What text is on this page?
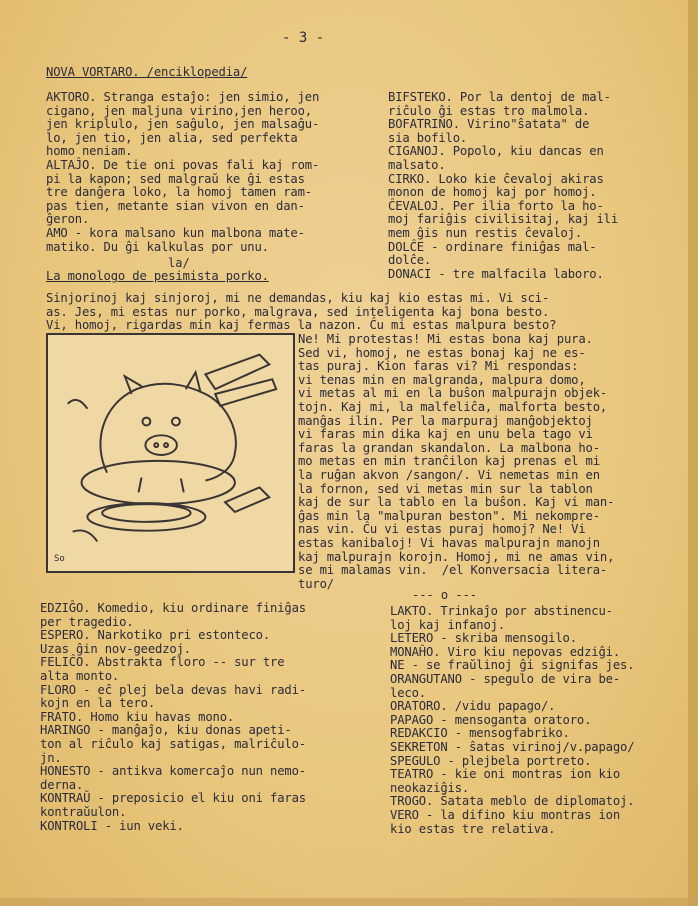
- 3 -

NOVA VORTARO. /enciklopedia/

AKTORO. Stranga estaĵo: jen simio, jen
cigano, jen maljuna virino,jen heroo,
jen kriplulo, jen saĝulo, jen malsaĝu-
lo, jen tio, jen alia, sed perfekta
homo neniam.
ALTAĴO. De tie oni povas fali kaj rom-
pi la kapon; sed malgraŭ ke ĝi estas
tre danĝera loko, la homoj tamen ram-
pas tien, metante sian vivon en dan-
ĝeron.
AMO - kora malsano kun malbona mate-
matiko. Du ĝi kalkulas por unu.

BIFSTEKO. Por la dentoj de mal-
riĉulo ĝi estas tro malmola.
BOFATRINO. Virino"ŝatata" de
sia bofilo.
CIGANOJ. Popolo, kiu dancas en
malsato.
CIRKO. Loko kie ĉevaloj akiras
monon de homoj kaj por homoj.
ĈEVALOJ. Per ilia forto la ho-
moj fariĝis civilisitaj, kaj ili
mem ĝis nun restis ĉevaloj.
DOLĈE - ordinare finiĝas mal-
dolĉe.
DONACI - tre malfacila laboro.

la/

La monologo de pesimista porko.

Sinjorinoj kaj sinjoroj, mi ne demandas, kiu kaj kio estas mi. Vi sci-
as. Jes, mi estas nur porko, malgrava, sed inteligenta kaj bona besto.
Vi, homoj, rigardas min kaj fermas la nazon. Ĉu mi estas malpura besto?

So

Ne! Mi protestas! Mi estas bona kaj pura.
Sed vi, homoj, ne estas bonaj kaj ne es-
tas puraj. Kion faras vi? Mi respondas:
vi tenas min en malgranda, malpura domo,
vi metas al mi en la buŝon malpurajn objek-
tojn. Kaj mi, la malfeliĉa, malforta besto,
manĝas ilin. Per la marpuraj manĝobjektoj
vi faras min dika kaj en unu bela tago vi
faras la grandan skandalon. La malbona ho-
mo metas en min tranĉilon kaj prenas el mi
la ruĝan akvon /sangon/. Vi nemetas min en
la fornon, sed vi metas min sur la tablon
kaj de sur la tablo en la buŝon. Kaj vi man-
ĝas min la "malpuran beston". Mi nekompre-
nas vin. Ĉu vi estas puraj homoj? Ne! Vi
estas kanibaloj! Vi havas malpurajn manojn
kaj malpurajn korojn. Homoj, mi ne amas vin,
se mi malamas vin.  /el Konversacia litera-
turo/

--- o ---

EDZIĜO. Komedio, kiu ordinare finiĝas
per tragedio.
ESPERO. Narkotiko pri estonteco.
Uzas ĝin nov-geedzoj.
FELIĈO. Abstrakta floro -- sur tre
alta monto.
FLORO - eĉ plej bela devas havi radi-
kojn en la tero.
FRATO. Homo kiu havas mono.
HARINGO - manĝaĵo, kiu donas apeti-
ton al riĉulo kaj satigas, malriĉulo-
jn.
HONESTO - antikva komercaĵo nun nemo-
derna.
KONTRAŬ - preposicio el kiu oni faras
kontraŭulon.
KONTROLI - iun veki.

LAKTO. Trinkaĵo por abstinencu-
loj kaj infanoj.
LETERO - skriba mensogilo.
MONAĤO. Viro kiu nepovas edziĝi.
NE - se fraŭlinoj ĝi signifas jes.
ORANGUTANO - spegulo de vira be-
leco.
ORATORO. /vidu papago/.
PAPAGO - mensoganta oratoro.
REDAKCIO - mensogfabriko.
SEKRETON - ŝatas virinoj/v.papago/
SPEGULO - plejbela portreto.
TEATRO - kie oni montras ion kio
neokaziĝis.
TROGO. Ŝatata meblo de diplomatoj.
VERO - la difino kiu montras ion
kio estas tre relativa.
